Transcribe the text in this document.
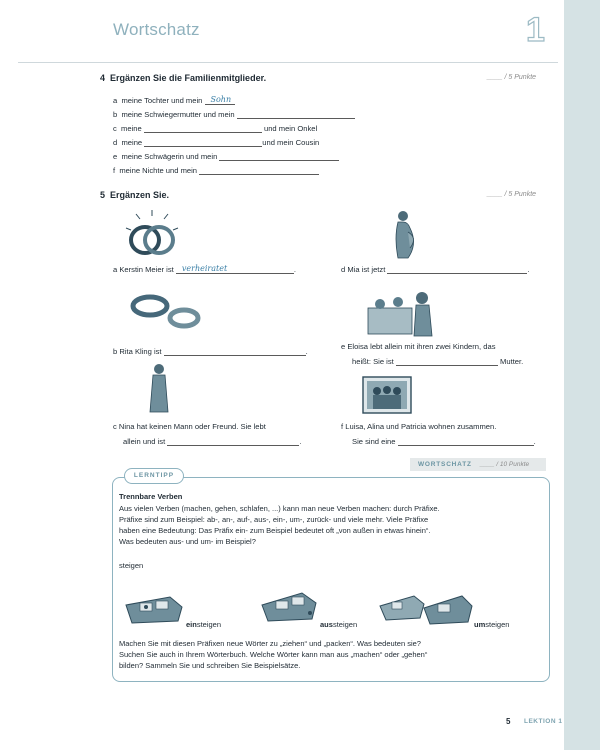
Wortschatz	1
4 Ergänzen Sie die Familienmitglieder.	____ / 5 Punkte
a meine Tochter und mein Sohn
b meine Schwiegermutter und mein
c meine	und mein Onkel
d meine	und mein Cousin
e meine Schwägerin und mein
f meine Nichte und mein
5 Ergänzen Sie.	____ / 5 Punkte
a Kerstin Meier ist verheiratet	.	d Mia ist jetzt	.
b Rita Kling ist	.
e Eloisa lebt allein mit ihren zwei Kindern, das
heißt: Sie ist	Mutter.
c Nina hat keinen Mann oder Freund. Sie lebt
allein und ist	.
f Luisa, Alina und Patricia wohnen zusammen.
Sie sind eine	.
WORTSCHATZ ____ / 10 Punkte
LERNTIPP
Trennbare Verben
Aus vielen Verben (machen, gehen, schlafen, ...) kann man neue Verben machen: durch Präfixe.
Präfixe sind zum Beispiel: ab-, an-, auf-, aus-, ein-, um-, zurück- und viele mehr. Viele Präfixe
haben eine Bedeutung: Das Präfix ein- zum Beispiel bedeutet oft „von außen in etwas hinein“.
Was bedeuten aus- und um- im Beispiel?
steigen
einsteigen	aussteigen	umsteigen
Machen Sie mit diesen Präfixen neue Wörter zu „ziehen“ und „packen“. Was bedeuten sie?
Suchen Sie auch in Ihrem Wörterbuch. Welche Wörter kann man aus „machen“ oder „gehen“
bilden? Sammeln Sie und schreiben Sie Beispielsätze.
5 LEKTION 1
